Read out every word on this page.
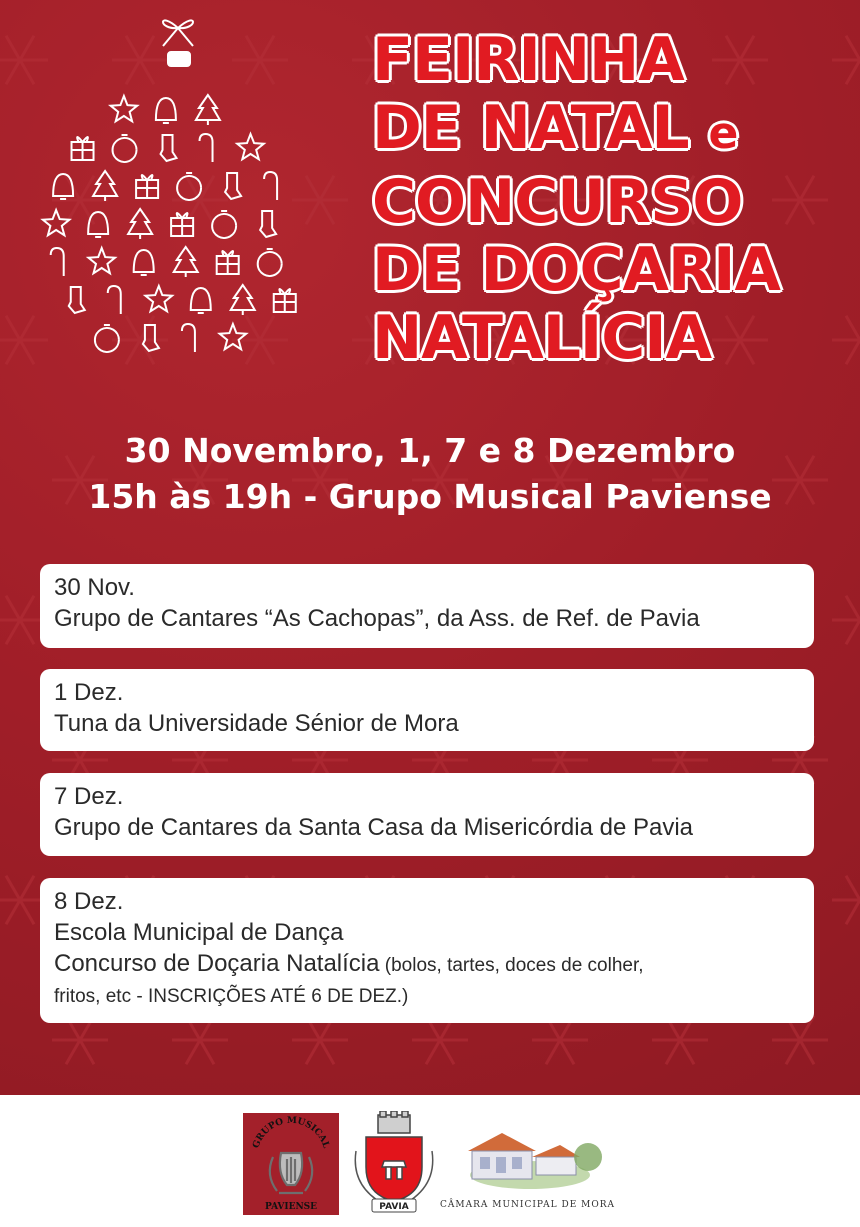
FEIRINHA
DE NATAL e
CONCURSO
DE DOÇARIA
NATALÍCIA
30 Novembro, 1, 7 e 8 Dezembro
15h às 19h - Grupo Musical Paviense
30 Nov.
Grupo de Cantares “As Cachopas”, da Ass. de Ref. de Pavia
1 Dez.
Tuna da Universidade Sénior de Mora
7 Dez.
Grupo de Cantares da Santa Casa da Misericórdia de Pavia
8 Dez.
Escola Municipal de Dança
Concurso de Doçaria Natalícia (bolos, tartes, doces de colher,
fritos, etc - INSCRIÇÕES ATÉ 6 DE DEZ.)
GRUPO MUSICAL
PAVIENSE	PAVIA	CÂMARA MUNICIPAL DE MORA
